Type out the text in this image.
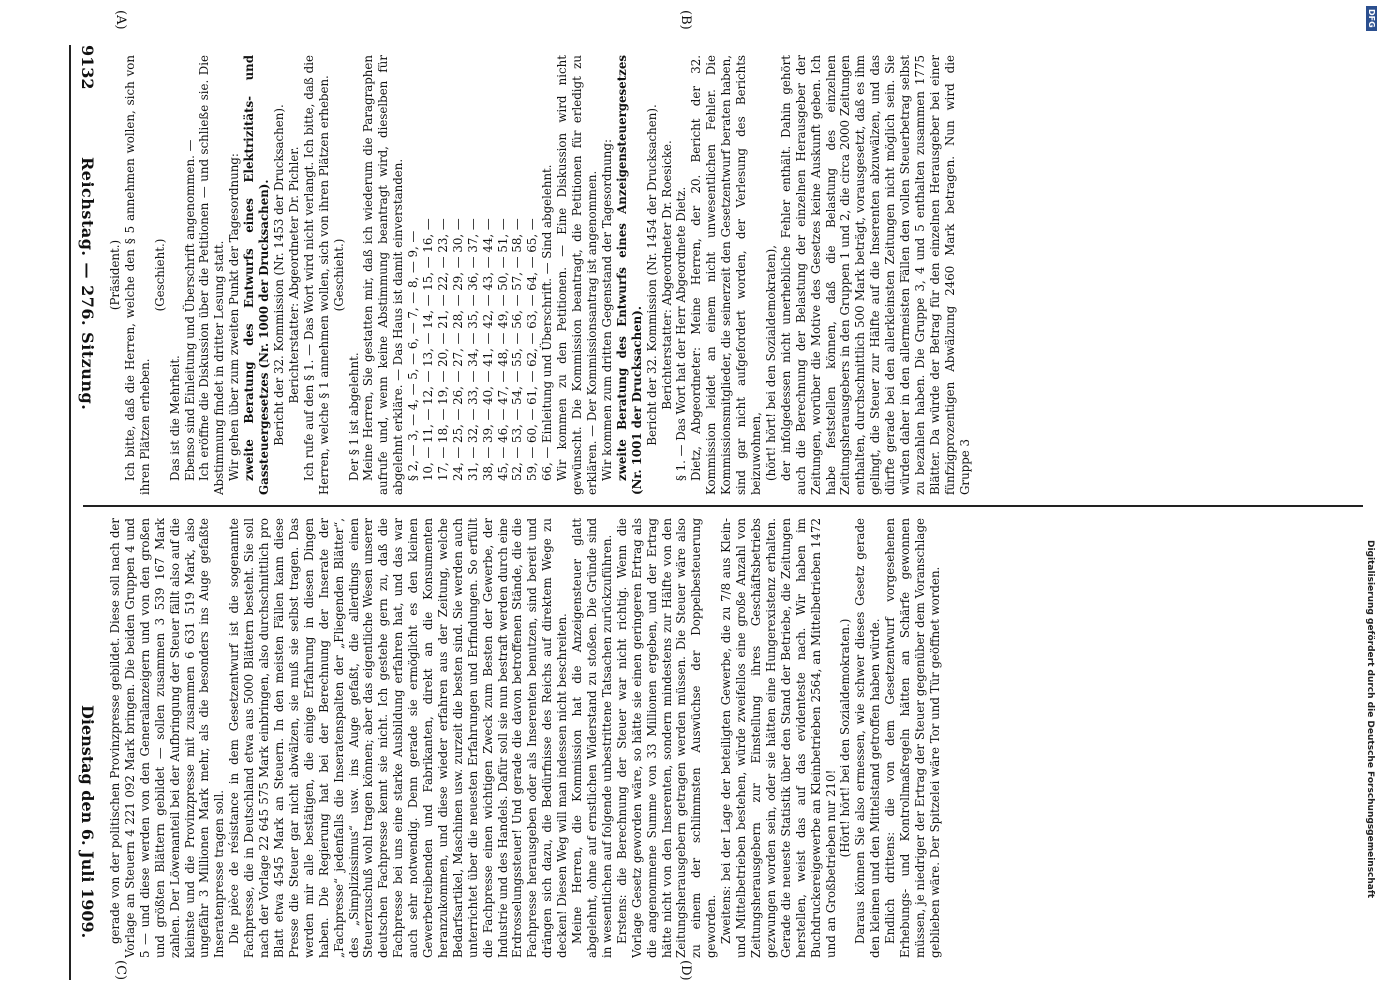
9132
Reichstag. — 276. Sitzung.
Dienstag den 6. Juli 1909.
(A)	(B)
(C)	(D)

(Präsident.) Ich bitte, daß die Herren, welche den § 5 annehmen wollen, sich von ihren Plätzen erheben.

(Geschieht.)

Das ist die Mehrheit. Ebenso sind Einleitung und Überschrift angenommen. — Ich eröffne die Diskussion über die Petitionen — und schließe sie. Die Abstimmung findet in dritter Lesung statt. Wir gehen über zum zweiten Punkt der Tagesordnung: zweite Beratung des Entwurfs eines Elektrizitäts- und Gassteuergesetzes (Nr. 1000 der Drucksachen). Bericht der 32. Kommission (Nr. 1453 der Drucksachen). Berichterstatter: Abgeordneter Dr. Pichler. Ich rufe auf den § 1. — Das Wort wird nicht verlangt. Ich bitte, daß die Herren, welche § 1 annehmen wollen, sich von ihren Plätzen erheben. (Geschieht.)

Der § 1 ist abgelehnt. Meine Herren, Sie gestatten mir, daß ich wiederum die Paragraphen aufrufe und, wenn keine Abstimmung beantragt wird, dieselben für abgelehnt erkläre. — Das Haus ist damit einverstanden. § 2, — 3, — 4, — 5, — 6, — 7, — 8, — 9, — 10, — 11, — 12, — 13, — 14, — 15, — 16, — 17, — 18, — 19, — 20, — 21, — 22, — 23, — 24, — 25, — 26, — 27, — 28, — 29, — 30, — 31, — 32, — 33, — 34, — 35, — 36, — 37, — 38, — 39, — 40, — 41, — 42, — 43, — 44, — 45, — 46, — 47, — 48, — 49, — 50, — 51, — 52, — 53, — 54, — 55, — 56, — 57, — 58, — 59, — 60, — 61, — 62, — 63, — 64, — 65, — 66, — Einleitung und Überschrift. — Sind abgelehnt. Wir kommen zu den Petitionen. — Eine Diskussion wird nicht gewünscht. Die Kommission beantragt, die Petitionen für erledigt zu erklären. — Der Kommissionsantrag ist angenommen. Wir kommen zum dritten Gegenstand der Tagesordnung: zweite Beratung des Entwurfs eines Anzeigensteuergesetzes (Nr. 1001 der Drucksachen). Bericht der 32. Kommission (Nr. 1454 der Drucksachen). Berichterstatter: Abgeordneter Dr. Roesicke. § 1. — Das Wort hat der Herr Abgeordnete Dietz. Dietz, Abgeordneter: Meine Herren, der 20. Bericht der 32. Kommission leidet an einem nicht unwesentlichen Fehler. Die Kommissionsmitglieder, die seinerzeit den Gesetzentwurf beraten haben, sind gar nicht aufgefordert worden, der Verlesung des Berichts beizuwohnen, (hört! hört! bei den Sozialdemokraten), der infolgedessen nicht unerhebliche Fehler enthält. Dahin gehört auch die Berechnung der Belastung der einzelnen Herausgeber der Zeitungen, worüber die Motive des Gesetzes keine Auskunft geben. Ich habe feststellen können, daß die Belastung des einzelnen Zeitungsherausgebers in den Gruppen 1 und 2, die circa 2000 Zeitungen enthalten, durchschnittlich 500 Mark beträgt, vorausgesetzt, daß es ihm gelingt, die Steuer zur Hälfte auf die Inserenten abzuwälzen, und das dürfte gerade bei den allerkleinsten Zeitungen nicht möglich sein. Sie würden daher in den allermeisten Fällen den vollen Steuerbetrag selbst zu bezahlen haben. Die Gruppe 3, 4 und 5 enthalten zusammen 1775 Blätter. Da würde der Betrag für den einzelnen Herausgeber bei einer fünfzigprozentigen Abwälzung 2460 Mark betragen. Nun wird die Gruppe 3

gerade von der politischen Provinzpresse gebildet. Diese soll nach der Vorlage an Steuern 4 221 092 Mark bringen. Die beiden Gruppen 4 und 5 — und diese werden von den Generalanzeigern und von den großen und größten Blättern gebildet — sollen zusammen 3 539 167 Mark zahlen. Der Löwenanteil bei der Aufbringung der Steuer fällt also auf die kleinste und die Provinzpresse mit zusammen 6 631 519 Mark, also ungefähr 3 Millionen Mark mehr, als die besonders ins Auge gefaßte Inseratenpresse tragen soll. Die pièce de résistance in dem Gesetzentwurf ist die sogenannte Fachpresse, die in Deutschland etwa aus 5000 Blättern besteht. Sie soll nach der Vorlage 22 645 575 Mark einbringen, also durchschnittlich pro Blatt etwa 4545 Mark an Steuern. In den meisten Fällen kann diese Presse die Steuer gar nicht abwälzen, sie muß sie selbst tragen. Das werden mir alle bestätigen, die einige Erfahrung in diesen Dingen haben. Die Regierung hat bei der Berechnung der Inserate der „Fachpresse“ jedenfalls die Inseratenspalten der „Fliegenden Blätter“, des „Simplizissimus“ usw. ins Auge gefaßt, die allerdings einen Steuerzuschuß wohl tragen können; aber das eigentliche Wesen unserer deutschen Fachpresse kennt sie nicht. Ich gestehe gern zu, daß die Fachpresse bei uns eine starke Ausbildung erfahren hat, und das war auch sehr notwendig. Denn gerade sie ermöglicht es den kleinen Gewerbetreibenden und Fabrikanten, direkt an die Konsumenten heranzukommen, und diese wieder erfahren aus der Zeitung, welche Bedarfsartikel, Maschinen usw. zurzeit die besten sind. Sie werden auch unterrichtet über die neuesten Erfahrungen und Erfindungen. So erfüllt die Fachpresse einen wichtigen Zweck zum Besten der Gewerbe, der Industrie und des Handels. Dafür soll sie nun bestraft werden durch eine Erdrosselungssteuer! Und gerade die davon betroffenen Stände, die die Fachpresse herausgeben oder als Inserenten benutzen, sind bereit und drängen sich dazu, die Bedürfnisse des Reichs auf direktem Wege zu decken! Diesen Weg will man indessen nicht beschreiten. Meine Herren, die Kommission hat die Anzeigensteuer glatt abgelehnt, ohne auf ernstlichen Widerstand zu stoßen. Die Gründe sind in wesentlichen auf folgende unbestrittene Tatsachen zurückzuführen. Erstens: die Berechnung der Steuer war nicht richtig. Wenn die Vorlage Gesetz geworden wäre, so hätte sie einen geringeren Ertrag als die angenommene Summe von 33 Millionen ergeben, und der Ertrag hätte nicht von den Inserenten, sondern mindestens zur Hälfte von den Zeitungsherausgebern getragen werden müssen. Die Steuer wäre also zu einem der schlimmsten Auswüchse der Doppelbesteuerung geworden. Zweitens: bei der Lage der beteiligten Gewerbe, die zu 7/8 aus Klein- und Mittelbetrieben bestehen, würde zweifellos eine große Anzahl von Zeitungsherausgebern zur Einstellung ihres Geschäftsbetriebs gezwungen worden sein, oder sie hätten eine Hungerexistenz erhalten. Gerade die neueste Statistik über den Stand der Betriebe, die Zeitungen herstellen, weist das auf das evidenteste nach. Wir haben im Buchdruckereigewerbe an Kleinbetrieben 2564, an Mittelbetrieben 1472 und an Großbetrieben nur 210!

(Hört! hört! bei den Sozialdemokraten.) Daraus können Sie also ermessen, wie schwer dieses Gesetz gerade den kleinen und den Mittelstand getroffen haben würde. Endlich drittens: die von dem Gesetzentwurf vorgesehenen Erhebungs- und Kontrollmaßregeln hätten an Schärfe gewonnen müssen, je niedriger der Ertrag der Steuer gegenüber dem Voranschlage geblieben wäre. Der Spitzelei wäre Tor und Tür geöffnet worden.	Digitalisierung gefördert durch die Deutsche Forschungsgemeinschaft
DFG
